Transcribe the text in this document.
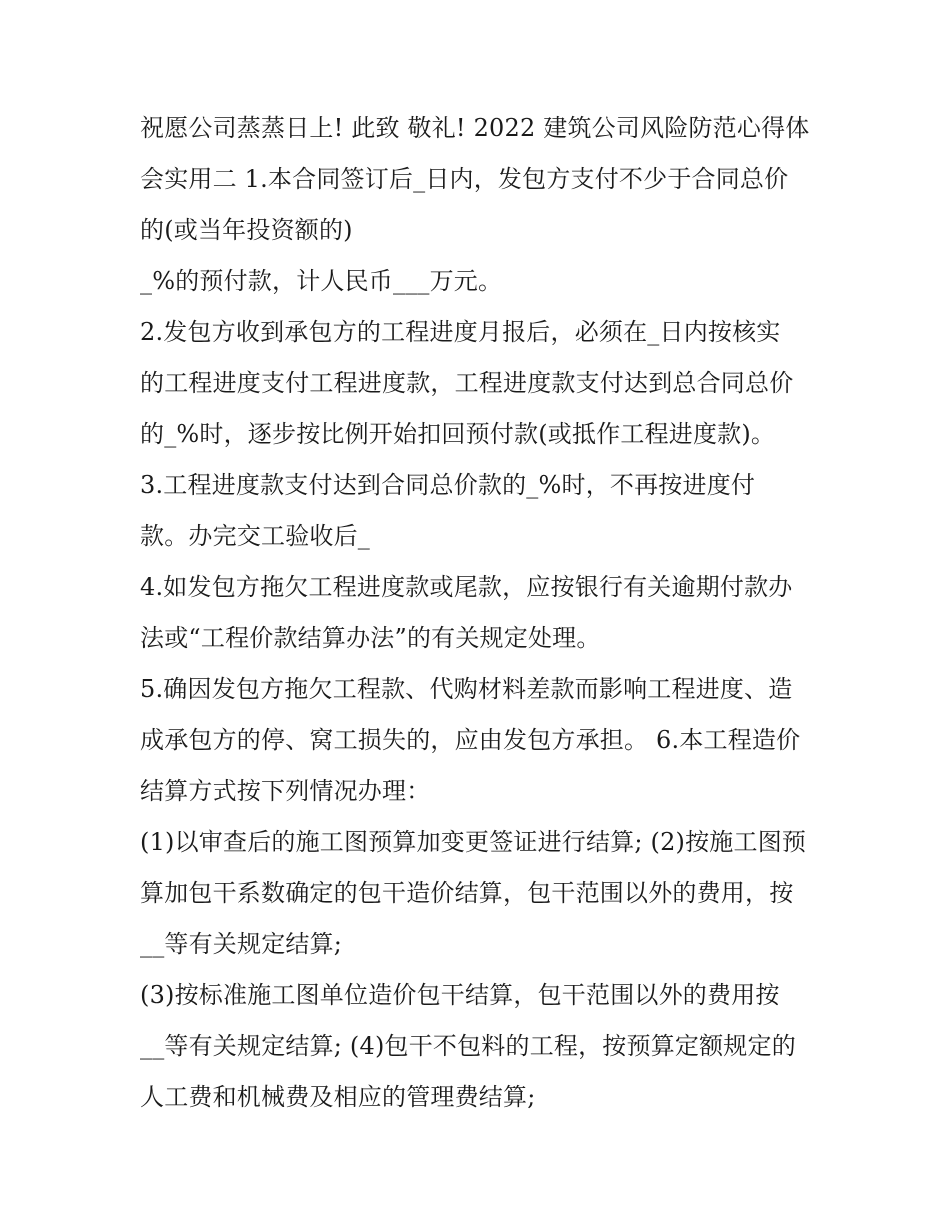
祝愿公司蒸蒸日上! 此致 敬礼! 2022 建筑公司风险防范心得体
会实用二 1.本合同签订后_日内，发包方支付不少于合同总价
的(或当年投资额的)
_%的预付款，计人民币___万元。
2.发包方收到承包方的工程进度月报后，必须在_日内按核实
的工程进度支付工程进度款，工程进度款支付达到总合同总价
的_%时，逐步按比例开始扣回预付款(或抵作工程进度款)。
3.工程进度款支付达到合同总价款的_%时，不再按进度付
款。办完交工验收后_
4.如发包方拖欠工程进度款或尾款，应按银行有关逾期付款办
法或“工程价款结算办法”的有关规定处理。
5.确因发包方拖欠工程款、代购材料差款而影响工程进度、造
成承包方的停、窝工损失的，应由发包方承担。 6.本工程造价
结算方式按下列情况办理：
(1)以审查后的施工图预算加变更签证进行结算; (2)按施工图预
算加包干系数确定的包干造价结算，包干范围以外的费用，按
__等有关规定结算;
(3)按标准施工图单位造价包干结算，包干范围以外的费用按
__等有关规定结算; (4)包干不包料的工程，按预算定额规定的
人工费和机械费及相应的管理费结算;
